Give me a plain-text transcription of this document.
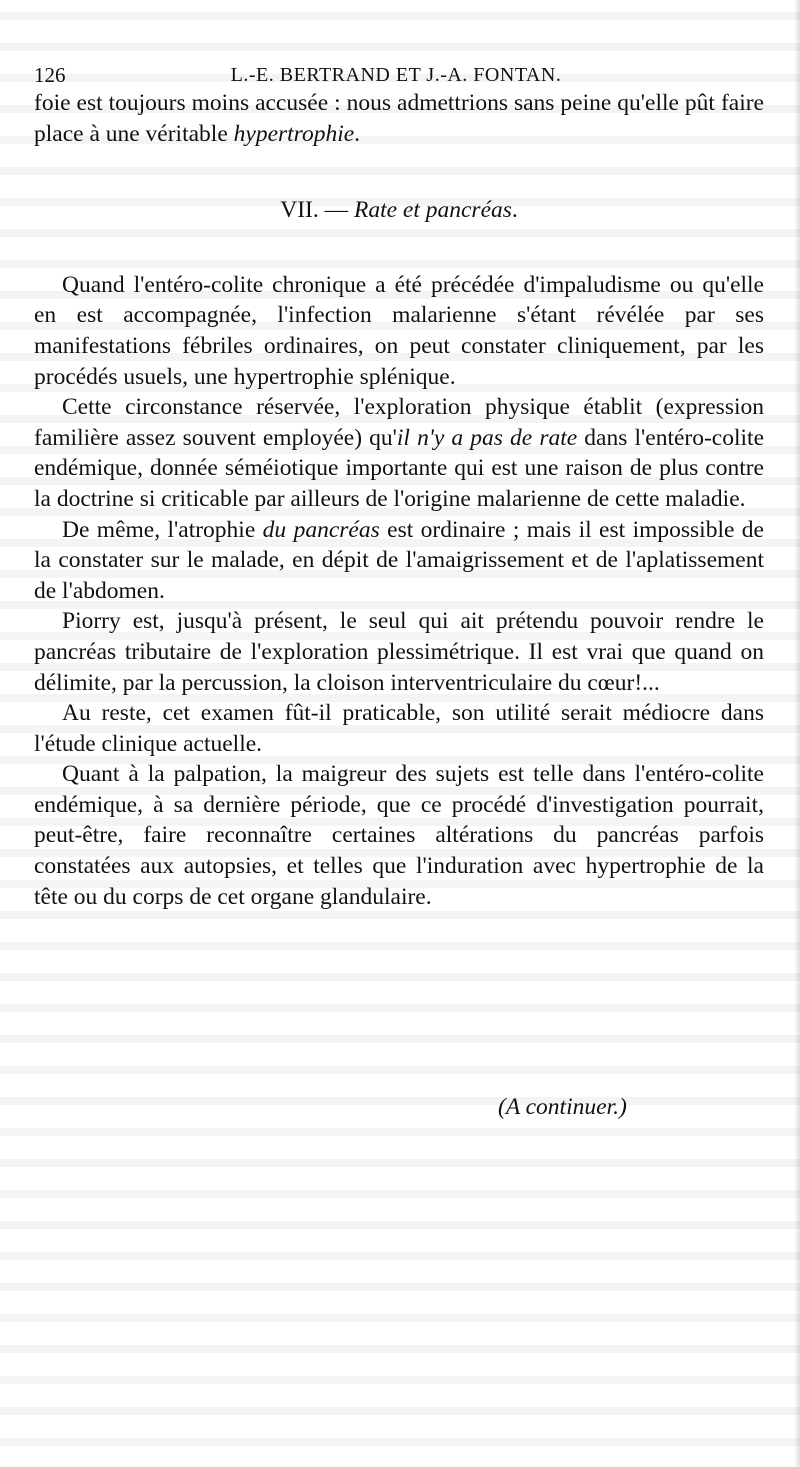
126	L.-E. BERTRAND ET J.-A. FONTAN.

foie est toujours moins accusée : nous admettrions sans peine qu'elle pût faire place à une véritable hypertrophie.

VII. — Rate et pancréas.

Quand l'entéro-colite chronique a été précédée d'impaludisme ou qu'elle en est accompagnée, l'infection malarienne s'étant révélée par ses manifestations fébriles ordinaires, on peut constater cliniquement, par les procédés usuels, une hypertrophie splénique.

Cette circonstance réservée, l'exploration physique établit (expression familière assez souvent employée) qu'il n'y a pas de rate dans l'entéro-colite endémique, donnée séméiotique importante qui est une raison de plus contre la doctrine si criticable par ailleurs de l'origine malarienne de cette maladie.

De même, l'atrophie du pancréas est ordinaire ; mais il est impossible de la constater sur le malade, en dépit de l'amaigrissement et de l'aplatissement de l'abdomen.

Piorry est, jusqu'à présent, le seul qui ait prétendu pouvoir rendre le pancréas tributaire de l'exploration plessimétrique. Il est vrai que quand on délimite, par la percussion, la cloison interventriculaire du cœur!...

Au reste, cet examen fût-il praticable, son utilité serait médiocre dans l'étude clinique actuelle.

Quant à la palpation, la maigreur des sujets est telle dans l'entéro-colite endémique, à sa dernière période, que ce procédé d'investigation pourrait, peut-être, faire reconnaître certaines altérations du pancréas parfois constatées aux autopsies, et telles que l'induration avec hypertrophie de la tête ou du corps de cet organe glandulaire.

(A continuer.)
